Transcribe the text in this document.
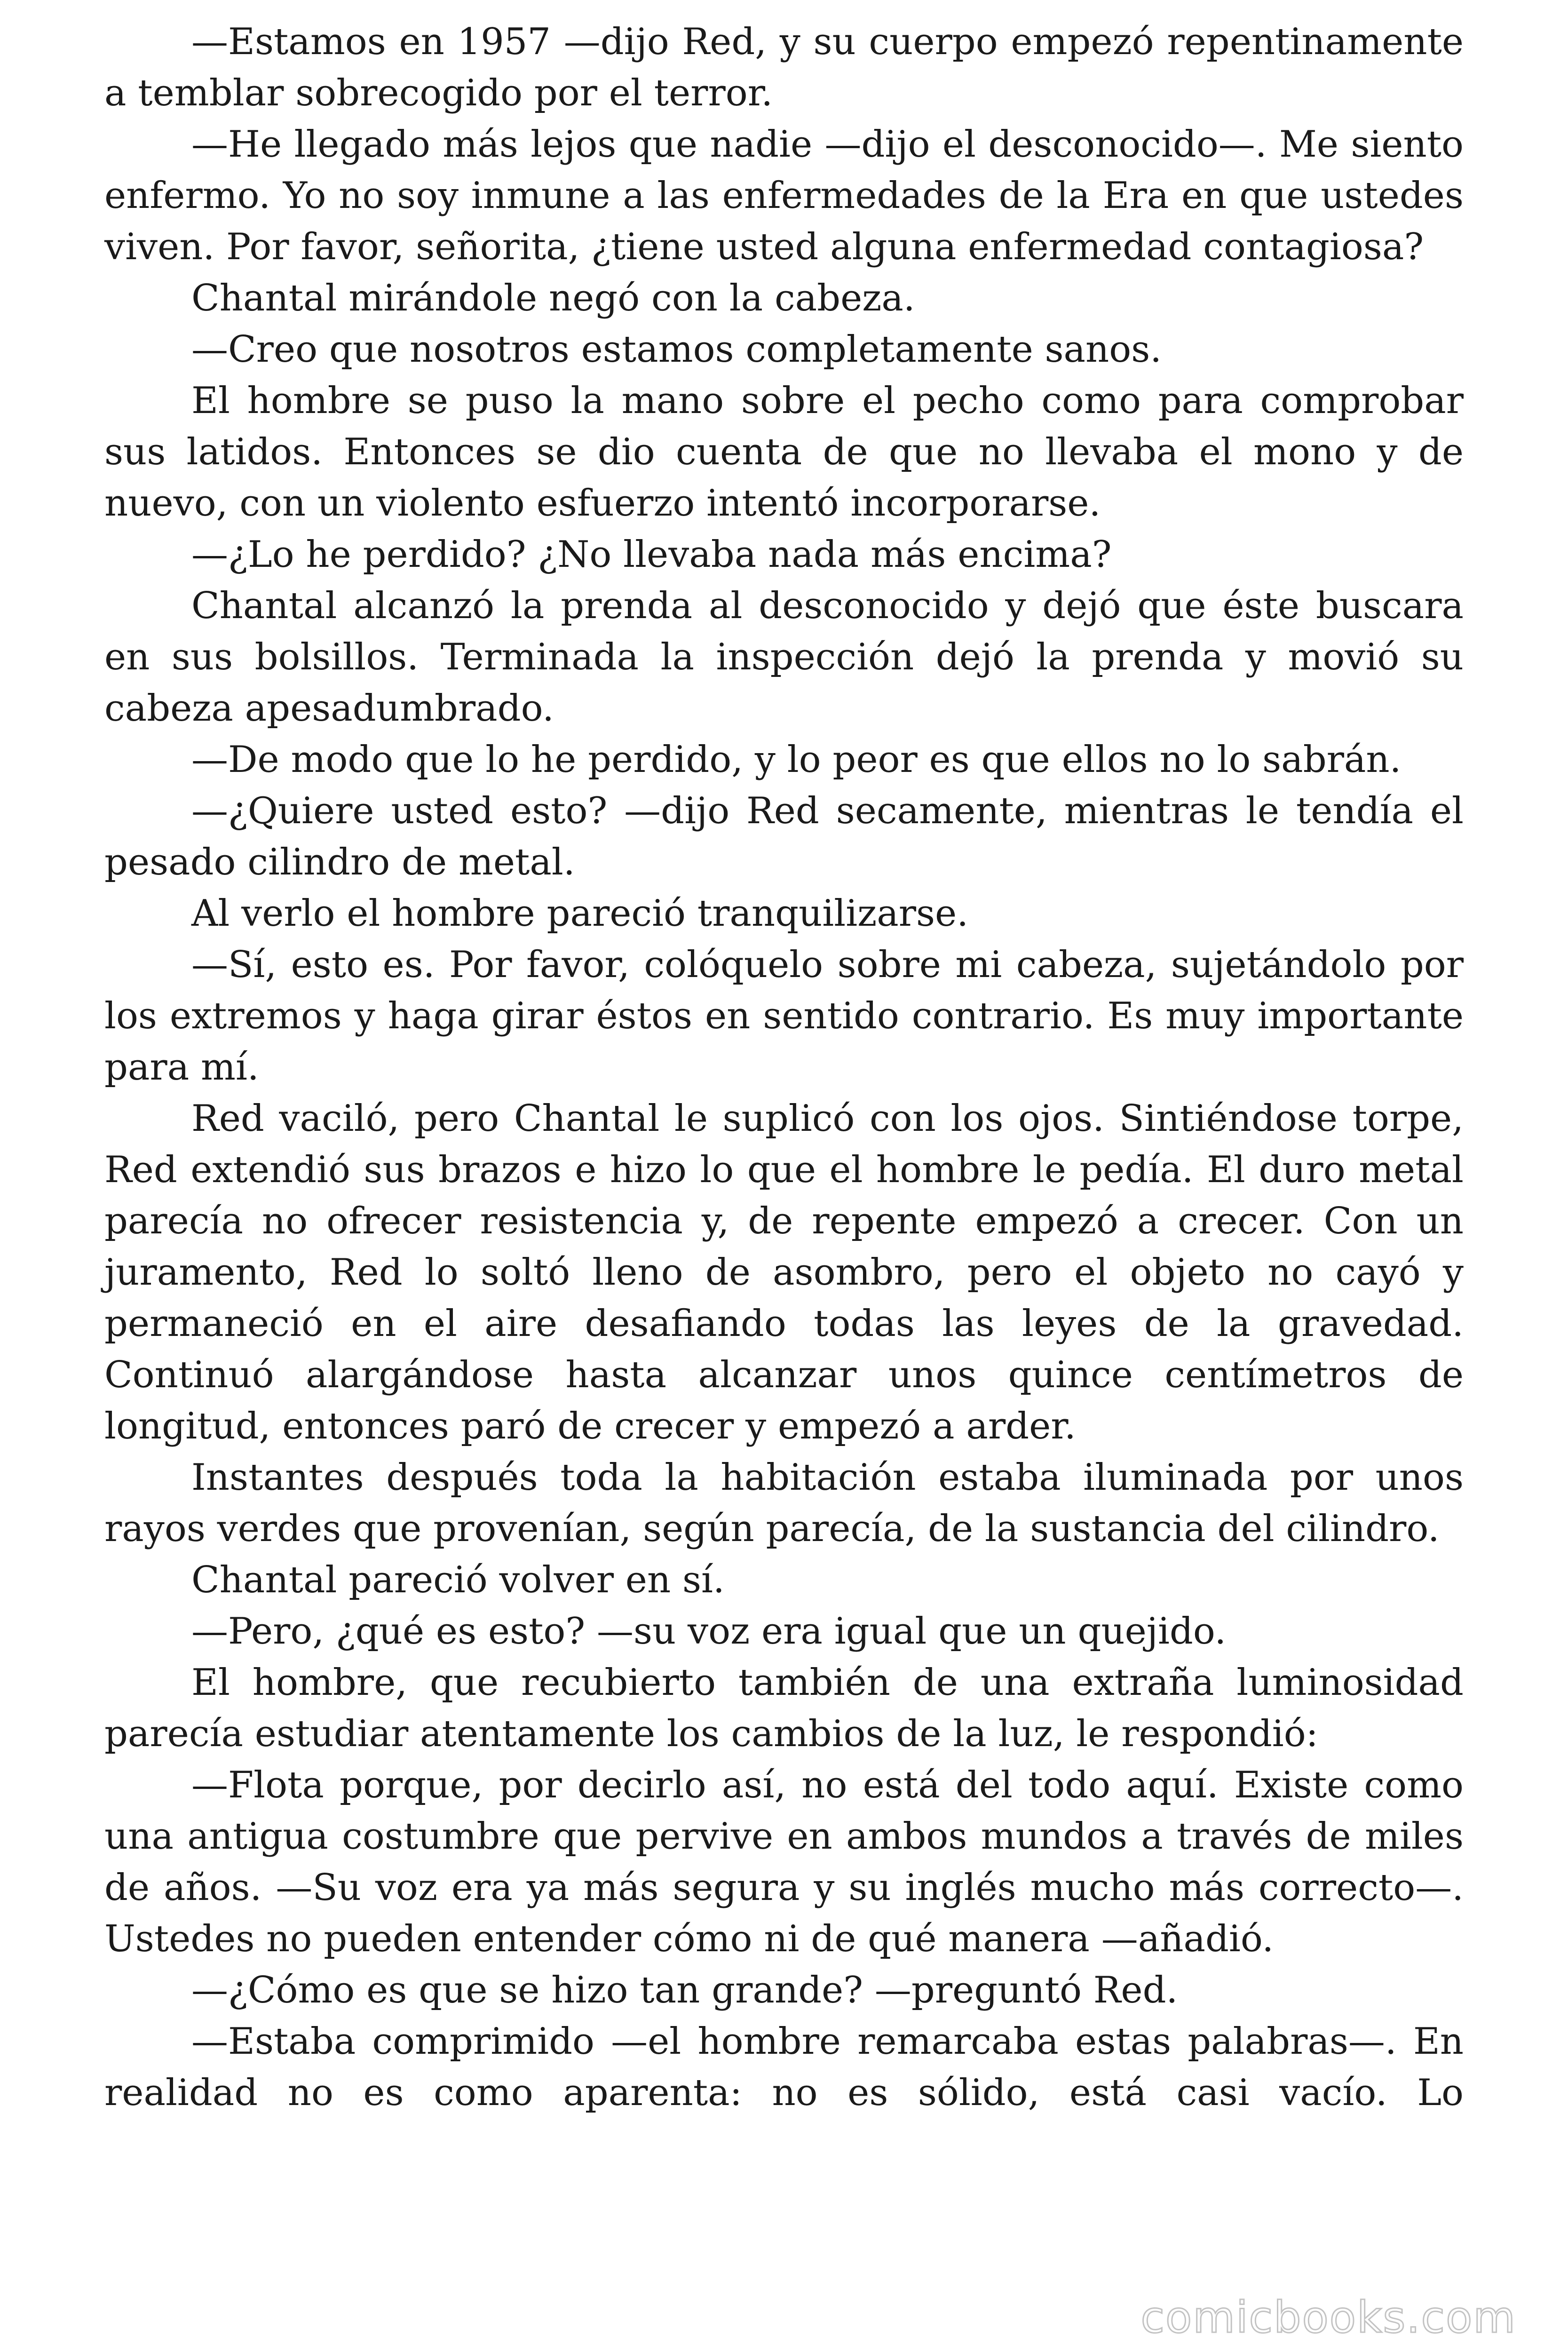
—Estamos en 1957 —dijo Red, y su cuerpo empezó repentinamente a temblar sobrecogido por el terror.

—He llegado más lejos que nadie —dijo el desconocido—. Me siento enfermo. Yo no soy inmune a las enfermedades de la Era en que ustedes viven. Por favor, señorita, ¿tiene usted alguna enfermedad contagiosa?

Chantal mirándole negó con la cabeza.

—Creo que nosotros estamos completamente sanos.

El hombre se puso la mano sobre el pecho como para comprobar sus latidos. Entonces se dio cuenta de que no llevaba el mono y de nuevo, con un violento esfuerzo intentó incorporarse.

—¿Lo he perdido? ¿No llevaba nada más encima?

Chantal alcanzó la prenda al desconocido y dejó que éste buscara en sus bolsillos. Terminada la inspección dejó la prenda y movió su cabeza apesadumbrado.

—De modo que lo he perdido, y lo peor es que ellos no lo sabrán.

—¿Quiere usted esto? —dijo Red secamente, mientras le tendía el pesado cilindro de metal.

Al verlo el hombre pareció tranquilizarse.

—Sí, esto es. Por favor, colóquelo sobre mi cabeza, sujetándolo por los extremos y haga girar éstos en sentido contrario. Es muy importante para mí.

Red vaciló, pero Chantal le suplicó con los ojos. Sintiéndose torpe, Red extendió sus brazos e hizo lo que el hombre le pedía. El duro metal parecía no ofrecer resistencia y, de repente empezó a crecer. Con un juramento, Red lo soltó lleno de asombro, pero el objeto no cayó y permaneció en el aire desafiando todas las leyes de la gravedad. Continuó alargándose hasta alcanzar unos quince centímetros de longitud, entonces paró de crecer y empezó a arder.

Instantes después toda la habitación estaba iluminada por unos rayos verdes que provenían, según parecía, de la sustancia del cilindro.

Chantal pareció volver en sí.

—Pero, ¿qué es esto? —su voz era igual que un quejido.

El hombre, que recubierto también de una extraña luminosidad parecía estudiar atentamente los cambios de la luz, le respondió:

—Flota porque, por decirlo así, no está del todo aquí. Existe como una antigua costumbre que pervive en ambos mundos a través de miles de años. —Su voz era ya más segura y su inglés mucho más correcto—. Ustedes no pueden entender cómo ni de qué manera —añadió.

—¿Cómo es que se hizo tan grande? —preguntó Red.

—Estaba comprimido —el hombre remarcaba estas palabras—. En realidad no es como aparenta: no es sólido, está casi vacío. Lo

comicbooks.com
